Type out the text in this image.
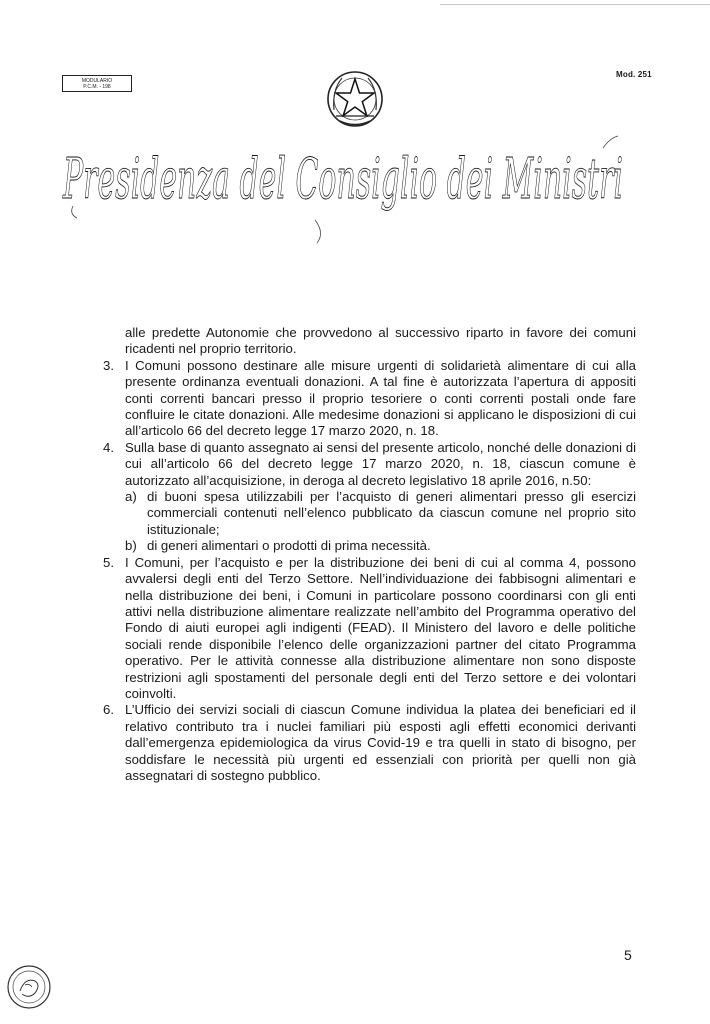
MODULARIO
P.C.M. - 198
Mod. 251
Presidenza del Consiglio dei Ministri

alle predette Autonomie che provvedono al successivo riparto in favore dei comuni ricadenti nel proprio territorio.

3. I Comuni possono destinare alle misure urgenti di solidarietà alimentare di cui alla presente ordinanza eventuali donazioni. A tal fine è autorizzata l’apertura di appositi conti correnti bancari presso il proprio tesoriere o conti correnti postali onde fare confluire le citate donazioni. Alle medesime donazioni si applicano le disposizioni di cui all’articolo 66 del decreto legge 17 marzo 2020, n. 18.
4. Sulla base di quanto assegnato ai sensi del presente articolo, nonché delle donazioni di cui all’articolo 66 del decreto legge 17 marzo 2020, n. 18, ciascun comune è autorizzato all’acquisizione, in deroga al decreto legislativo 18 aprile 2016, n.50:
a) di buoni spesa utilizzabili per l’acquisto di generi alimentari presso gli esercizi commerciali contenuti nell’elenco pubblicato da ciascun comune nel proprio sito istituzionale;
b) di generi alimentari o prodotti di prima necessità.
5. I Comuni, per l’acquisto e per la distribuzione dei beni di cui al comma 4, possono avvalersi degli enti del Terzo Settore. Nell’individuazione dei fabbisogni alimentari e nella distribuzione dei beni, i Comuni in particolare possono coordinarsi con gli enti attivi nella distribuzione alimentare realizzate nell’ambito del Programma operativo del Fondo di aiuti europei agli indigenti (FEAD). Il Ministero del lavoro e delle politiche sociali rende disponibile l’elenco delle organizzazioni partner del citato Programma operativo. Per le attività connesse alla distribuzione alimentare non sono disposte restrizioni agli spostamenti del personale degli enti del Terzo settore e dei volontari coinvolti.
6. L’Ufficio dei servizi sociali di ciascun Comune individua la platea dei beneficiari ed il relativo contributo tra i nuclei familiari più esposti agli effetti economici derivanti dall’emergenza epidemiologica da virus Covid-19 e tra quelli in stato di bisogno, per soddisfare le necessità più urgenti ed essenziali con priorità per quelli non già assegnatari di sostegno pubblico.
5
